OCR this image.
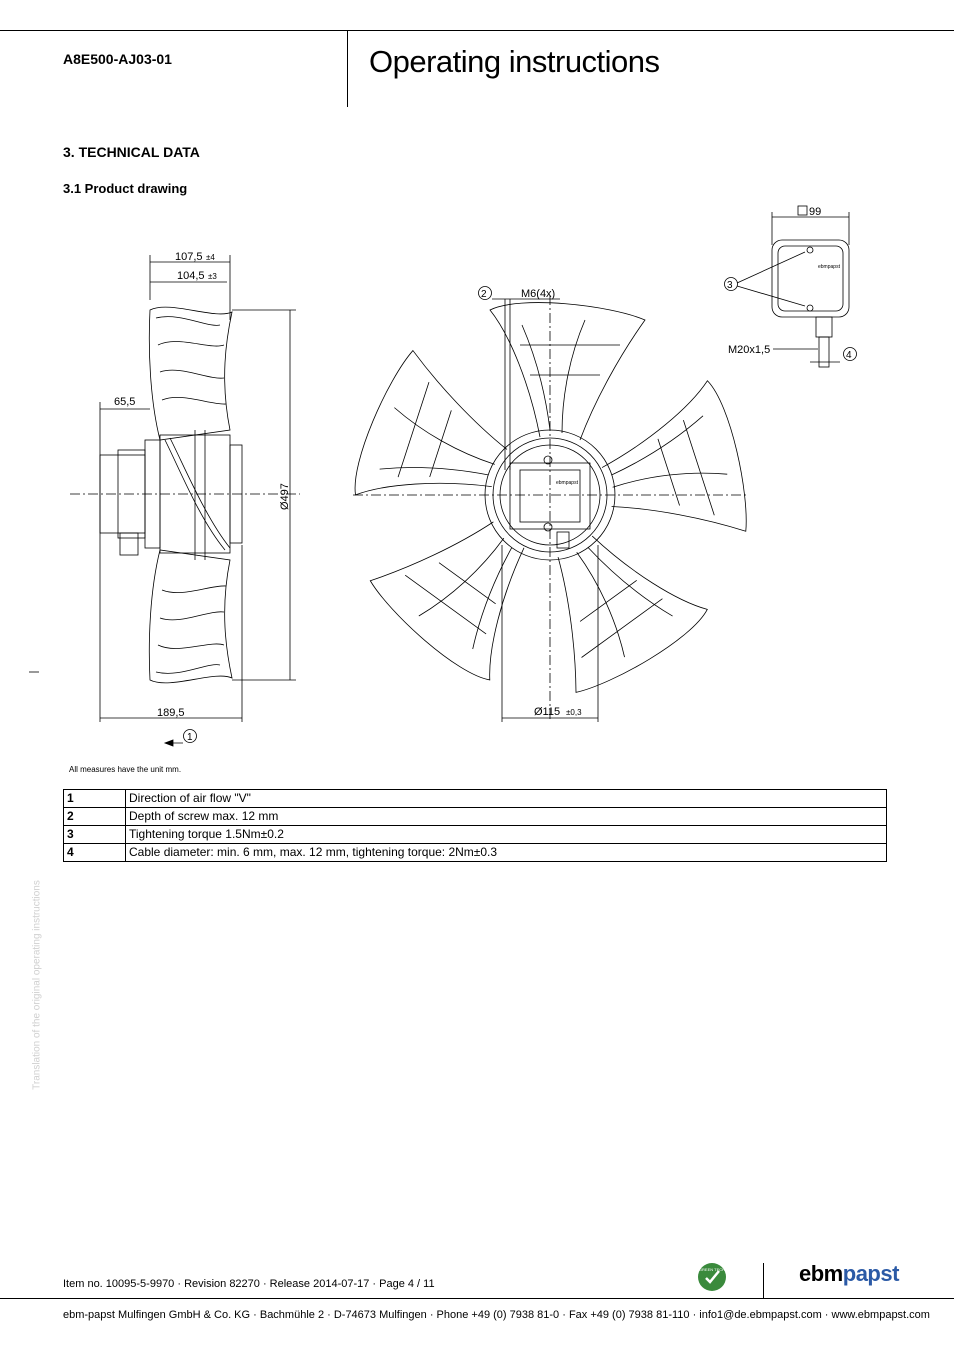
A8E500-AJ03-01	Operating instructions
3. TECHNICAL DATA
3.1 Product drawing
107,5 ±4
104,5 ±3
65,5
Ø497
189,5
1
ebmpapst
2	M6(4x)
Ø115 ±0,3
99
ebmpapst
3
M20x1,5	4
All measures have the unit mm.
1	Direction of air flow "V"
2	Depth of screw max. 12 mm
3	Tightening torque 1.5Nm±0.2
4	Cable diameter: min. 6 mm, max. 12 mm, tightening torque: 2Nm±0.3
Translation of the original operating instructions
Item no. 10095-5-9970 · Revision 82270 · Release 2014-07-17 · Page 4 / 11
GREEN TECH	ebmpapst
ebm-papst Mulfingen GmbH & Co. KG · Bachmühle 2 · D-74673 Mulfingen · Phone +49 (0) 7938 81-0 · Fax +49 (0) 7938 81-110 · info1@de.ebmpapst.com · www.ebmpapst.com
